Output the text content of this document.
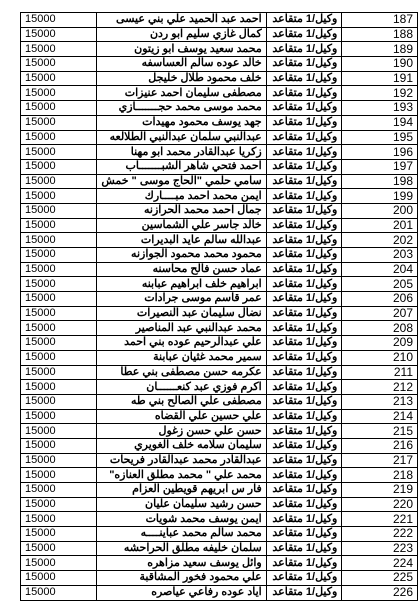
15000	احمد عبد الحميد علي بني عيسى	وكيل/1 متقاعد	187
15000	كمال غازي سليم ابو ردن	وكيل/1 متقاعد	188
15000	محمد سعيد يوسف ابو زيتون	وكيل/1 متقاعد	189
15000	خالد عوده سالم العساسفه	وكيل/1 متقاعد	190
15000	خلف محمود طلال خليجل	وكيل/1 متقاعد	191
15000	مصطفى سليمان احمد عنيزات	وكيل/1 متقاعد	192
15000	محمد موسى محمد حجـــــــازي	وكيل/1 متقاعد	193
15000	جهد يوسف محمود مهيدات	وكيل/1 متقاعد	194
15000	عبدالنبي سلمان عبدالنبي الطلالعه	وكيل/1 متقاعد	195
15000	زكريا عبدالقادر محمد ابو مهنا	وكيل/1 متقاعد	196
15000	احمد فتحي شاهر الشبـــــــاب	وكيل/1 متقاعد	197
15000	سامي حلمي "الحاج موسى " خمش	وكيل/1 متقاعد	198
15000	ايمن محمد احمد مبــــارك	وكيل/1 متقاعد	199
15000	جمال احمد محمد الحرازنه	وكيل/1 متقاعد	200
15000	خالد جاسر علي الشماسين	وكيل/1 متقاعد	201
15000	عبدالله سالم عايد البديرات	وكيل/1 متقاعد	202
15000	محمود محمد محمود الجوازنه	وكيل/1 متقاعد	203
15000	عماد حسن فالح محاسنه	وكيل/1 متقاعد	204
15000	ابراهيم خلف ابراهيم عبابنه	وكيل/1 متقاعد	205
15000	عمر قاسم موسى جرادات	وكيل/1 متقاعد	206
15000	نضال سليمان عبد النصيرات	وكيل/1 متقاعد	207
15000	محمد عبدالنبي عبد المناصير	وكيل/1 متقاعد	208
15000	علي عبدالرحيم عوده بني احمد	وكيل/1 متقاعد	209
15000	سمير محمد غثيان عبابنة	وكيل/1 متقاعد	210
15000	عكرمه حسن مصطفى بني عطا	وكيل/1 متقاعد	211
15000	اكرم فوزي عبد كنعــــــان	وكيل/1 متقاعد	212
15000	مصطفى علي الصالح بني طه	وكيل/1 متقاعد	213
15000	علي حسين علي القضاه	وكيل/1 متقاعد	214
15000	حسن علي حسن زغول	وكيل/1 متقاعد	215
15000	سليمان سلامه خلف الغويري	وكيل/1 متقاعد	216
15000	عبدالقادر محمد عبدالقادر فريحات	وكيل/1 متقاعد	217
15000	محمد علي " محمد مطلق العنازه"	وكيل/1 متقاعد	218
15000	فار س ابريهم قويطين العزام	وكيل/1 متقاعد	219
15000	حسن رشيد سليمان عليان	وكيل/1 متقاعد	220
15000	ايمن يوسف محمد شويات	وكيل/1 متقاعد	221
15000	محمد سالم محمد عباينــــه	وكيل/1 متقاعد	222
15000	سلمان خليفه مطلق الحراحشه	وكيل/1 متقاعد	223
15000	وائل يوسف سعيد مزاهره	وكيل/1 متقاعد	224
15000	علي محمود فخور المشاقبة	وكيل/1 متقاعد	225
15000	اياد عوده رفاعي عياصره	وكيل/1 متقاعد	226
